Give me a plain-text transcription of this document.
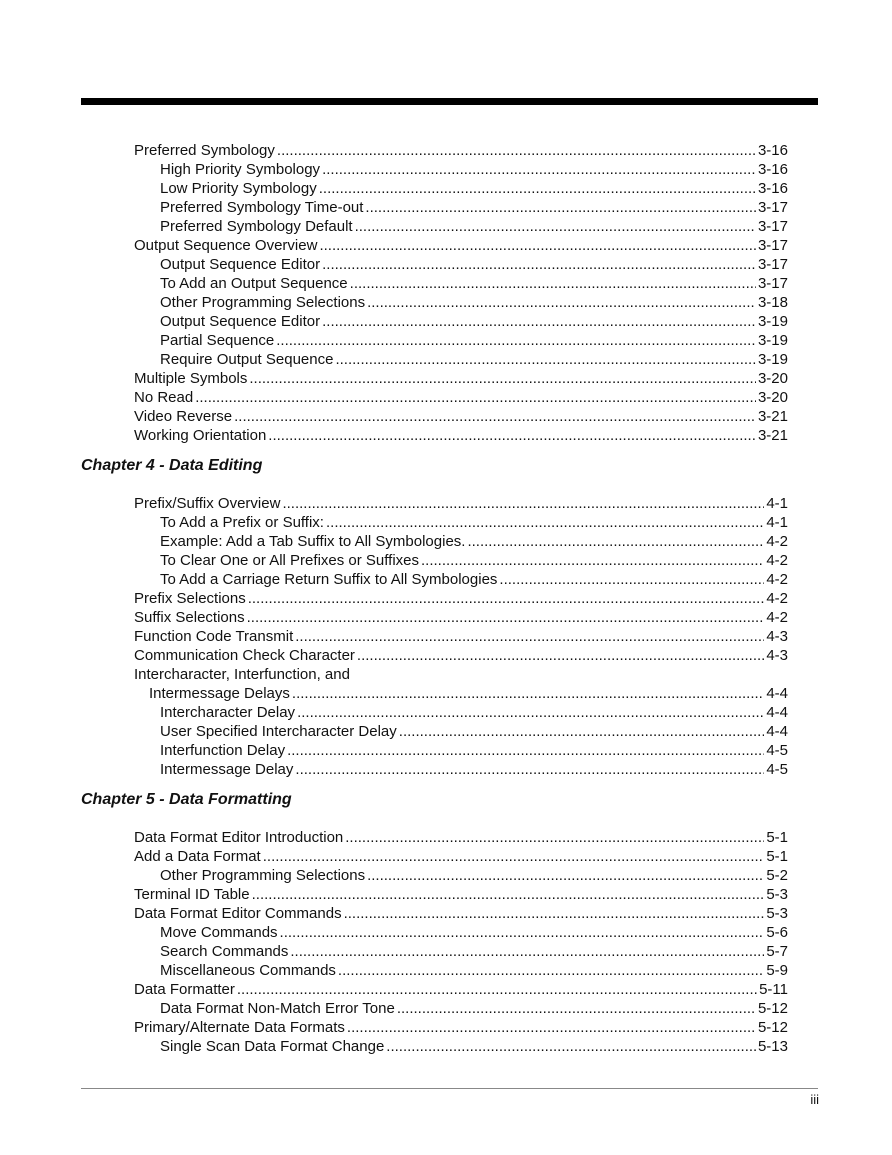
Preferred Symbology .....	3-16
High Priority Symbology .....	3-16
Low Priority Symbology .....	3-16
Preferred Symbology Time-out .....	3-17
Preferred Symbology Default .....	3-17
Output Sequence Overview .....	3-17
Output Sequence Editor .....	3-17
To Add an Output Sequence .....	3-17
Other Programming Selections .....	3-18
Output Sequence Editor .....	3-19
Partial Sequence .....	3-19
Require Output Sequence .....	3-19
Multiple Symbols .....	3-20
No Read .....	3-20
Video Reverse .....	3-21
Working Orientation .....	3-21
Chapter 4 - Data Editing
Prefix/Suffix Overview .....	4-1
To Add a Prefix or Suffix: .....	4-1
Example: Add a Tab Suffix to All Symbologies. .....	4-2
To Clear One or All Prefixes or Suffixes .....	4-2
To Add a Carriage Return Suffix to All Symbologies .....	4-2
Prefix Selections .....	4-2
Suffix Selections .....	4-2
Function Code Transmit .....	4-3
Communication Check Character .....	4-3
Intercharacter, Interfunction, and
Intermessage Delays .....	4-4
Intercharacter Delay .....	4-4
User Specified Intercharacter Delay .....	4-4
Interfunction Delay .....	4-5
Intermessage Delay .....	4-5
Chapter 5 - Data Formatting
Data Format Editor Introduction .....	5-1
Add a Data Format .....	5-1
Other Programming Selections .....	5-2
Terminal ID Table .....	5-3
Data Format Editor Commands .....	5-3
Move Commands .....	5-6
Search Commands .....	5-7
Miscellaneous Commands .....	5-9
Data Formatter .....	5-11
Data Format Non-Match Error Tone .....	5-12
Primary/Alternate Data Formats .....	5-12
Single Scan Data Format Change .....	5-13
iii
